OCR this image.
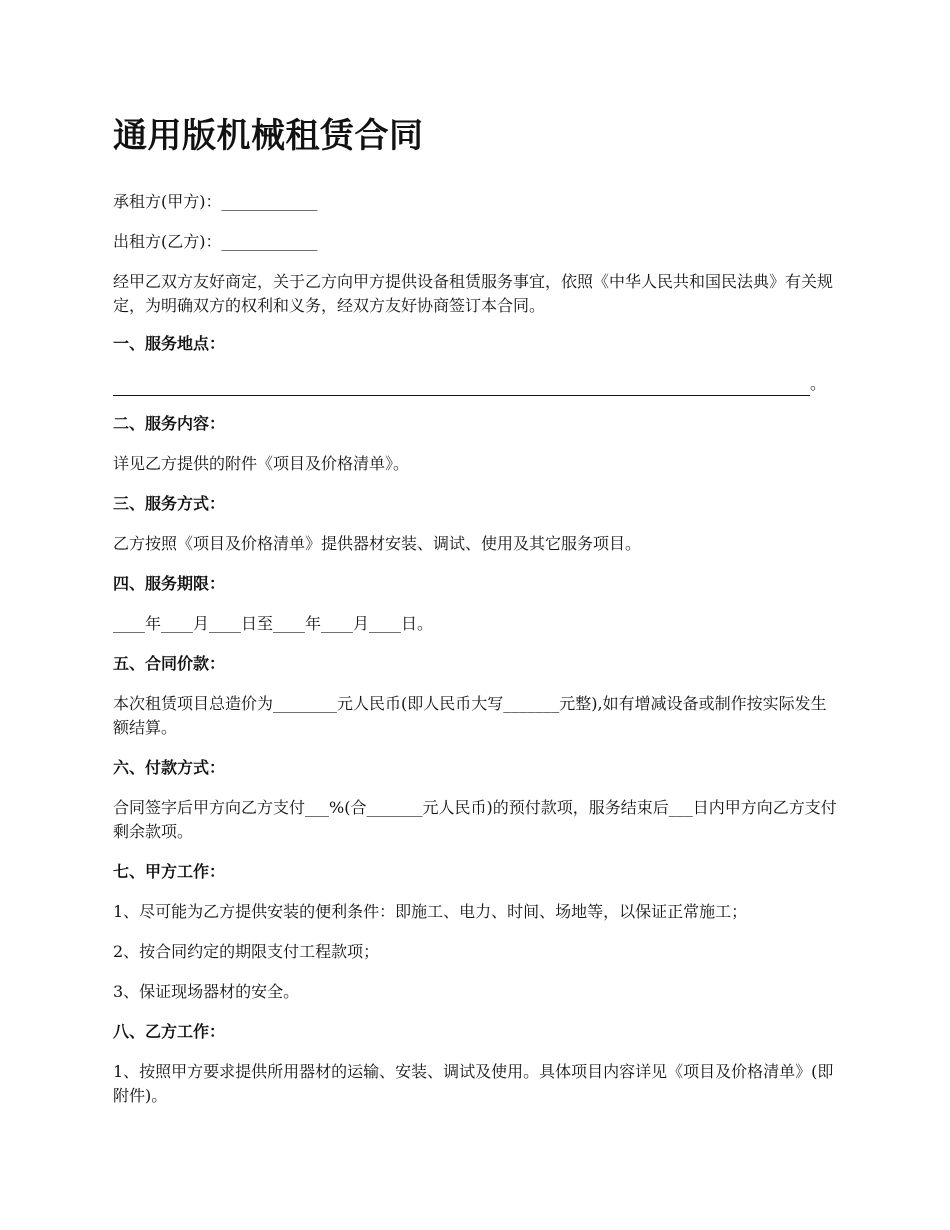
通用版机械租赁合同

承租方(甲方)：____________

出租方(乙方)：____________

经甲乙双方友好商定，关于乙方向甲方提供设备租赁服务事宜，依照《中华人民共和国民法典》有关规定，为明确双方的权利和义务，经双方友好协商签订本合同。

一、服务地点：

。

二、服务内容：

详见乙方提供的附件《项目及价格清单》。

三、服务方式：

乙方按照《项目及价格清单》提供器材安装、调试、使用及其它服务项目。

四、服务期限：

____年____月____日至____年____月____日。

五、合同价款：

本次租赁项目总造价为________元人民币(即人民币大写_______元整),如有增减设备或制作按实际发生额结算。

六、付款方式：

合同签字后甲方向乙方支付___%(合_______元人民币)的预付款项，服务结束后___日内甲方向乙方支付剩余款项。

七、甲方工作：

1、尽可能为乙方提供安装的便利条件：即施工、电力、时间、场地等，以保证正常施工；

2、按合同约定的期限支付工程款项；

3、保证现场器材的安全。

八、乙方工作：

1、按照甲方要求提供所用器材的运输、安装、调试及使用。具体项目内容详见《项目及价格清单》(即附件)。
